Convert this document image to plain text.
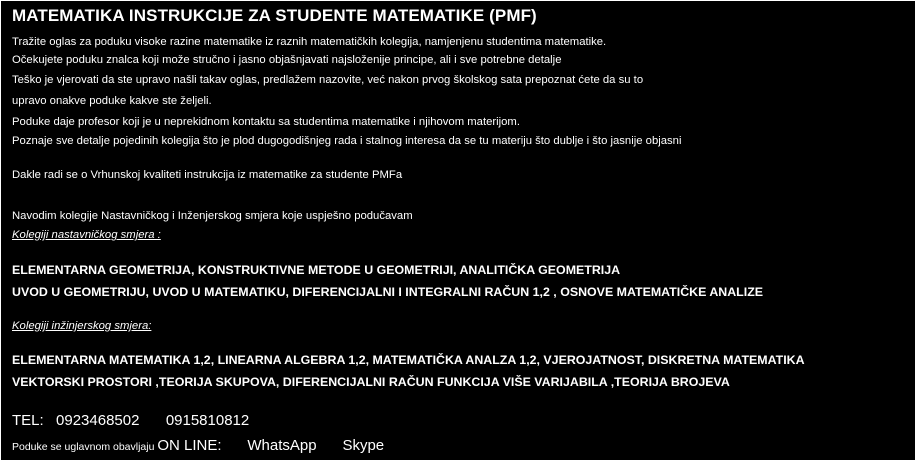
MATEMATIKA INSTRUKCIJE ZA STUDENTE MATEMATIKE (PMF)
Tražite oglas za poduku visoke razine matematike iz raznih matematičkih kolegija, namjenjenu studentima matematike.
Očekujete poduku znalca koji može stručno i jasno objašnjavati najsloženije principe, ali i sve potrebne detalje
Teško je vjerovati da ste upravo našli takav oglas, predlažem nazovite, već nakon prvog školskog sata prepoznat ćete da su to
upravo onakve poduke kakve ste željeli.
Poduke daje profesor koji je u neprekidnom kontaktu sa studentima matematike i njihovom materijom.
Poznaje sve detalje pojedinih kolegija što je plod dugogodišnjeg rada i stalnog interesa da se tu materiju što dublje i što jasnije objasni
Dakle radi se o Vrhunskoj kvaliteti instrukcija iz matematike za studente PMFa
Navodim kolegije Nastavničkog i Inženjerskog smjera koje uspješno podučavam
Kolegiji nastavničkog smjera :
ELEMENTARNA GEOMETRIJA, KONSTRUKTIVNE METODE U GEOMETRIJI, ANALITIČKA GEOMETRIJA
UVOD U GEOMETRIJU, UVOD U MATEMATIKU, DIFERENCIJALNI I INTEGRALNI RAČUN 1,2 , OSNOVE MATEMATIČKE ANALIZE
Kolegiji inžinjerskog smjera:
ELEMENTARNA MATEMATIKA 1,2, LINEARNA ALGEBRA 1,2, MATEMATIČKA ANALZA 1,2, VJEROJATNOST, DISKRETNA MATEMATIKA
VEKTORSKI PROSTORI ,TEORIJA SKUPOVA, DIFERENCIJALNI RAČUN FUNKCIJA VIŠE VARIJABILA ,TEORIJA BROJEVA
TEL: 0923468502 0915810812
Poduke se uglavnom obavljaju ON LINE: WhatsApp Skype
